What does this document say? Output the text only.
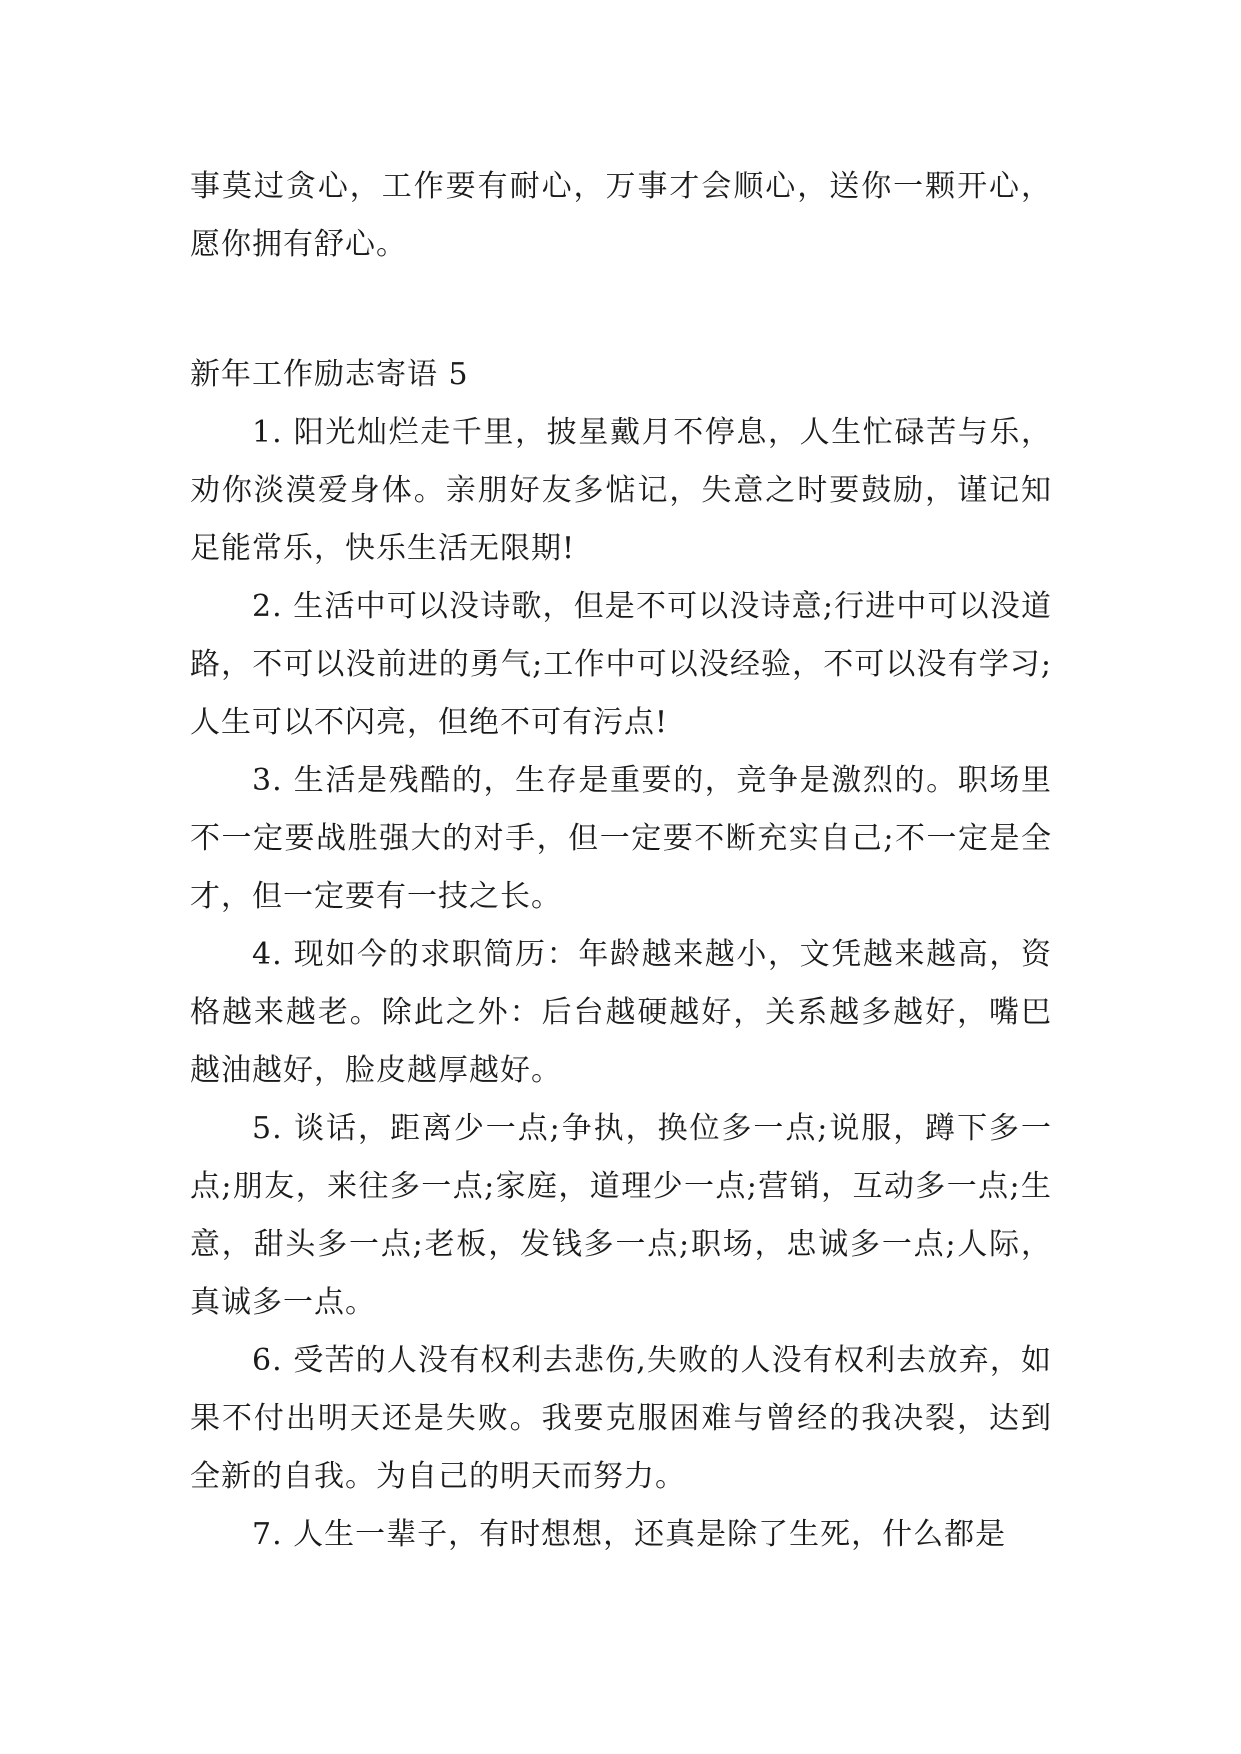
事莫过贪心，工作要有耐心，万事才会顺心，送你一颗开心，愿你拥有舒心。

新年工作励志寄语 5

1. 阳光灿烂走千里，披星戴月不停息，人生忙碌苦与乐，劝你淡漠爱身体。亲朋好友多惦记，失意之时要鼓励，谨记知足能常乐，快乐生活无限期!

2. 生活中可以没诗歌，但是不可以没诗意;行进中可以没道路，不可以没前进的勇气;工作中可以没经验，不可以没有学习;人生可以不闪亮，但绝不可有污点!

3. 生活是残酷的，生存是重要的，竞争是激烈的。职场里不一定要战胜强大的对手，但一定要不断充实自己;不一定是全才，但一定要有一技之长。

4. 现如今的求职简历：年龄越来越小，文凭越来越高，资格越来越老。除此之外：后台越硬越好，关系越多越好，嘴巴越油越好，脸皮越厚越好。

5. 谈话，距离少一点;争执，换位多一点;说服，蹲下多一点;朋友，来往多一点;家庭，道理少一点;营销，互动多一点;生意，甜头多一点;老板，发钱多一点;职场，忠诚多一点;人际，真诚多一点。

6. 受苦的人没有权利去悲伤,失败的人没有权利去放弃，如果不付出明天还是失败。我要克服困难与曾经的我决裂，达到全新的自我。为自己的明天而努力。

7. 人生一辈子，有时想想，还真是除了生死，什么都是
